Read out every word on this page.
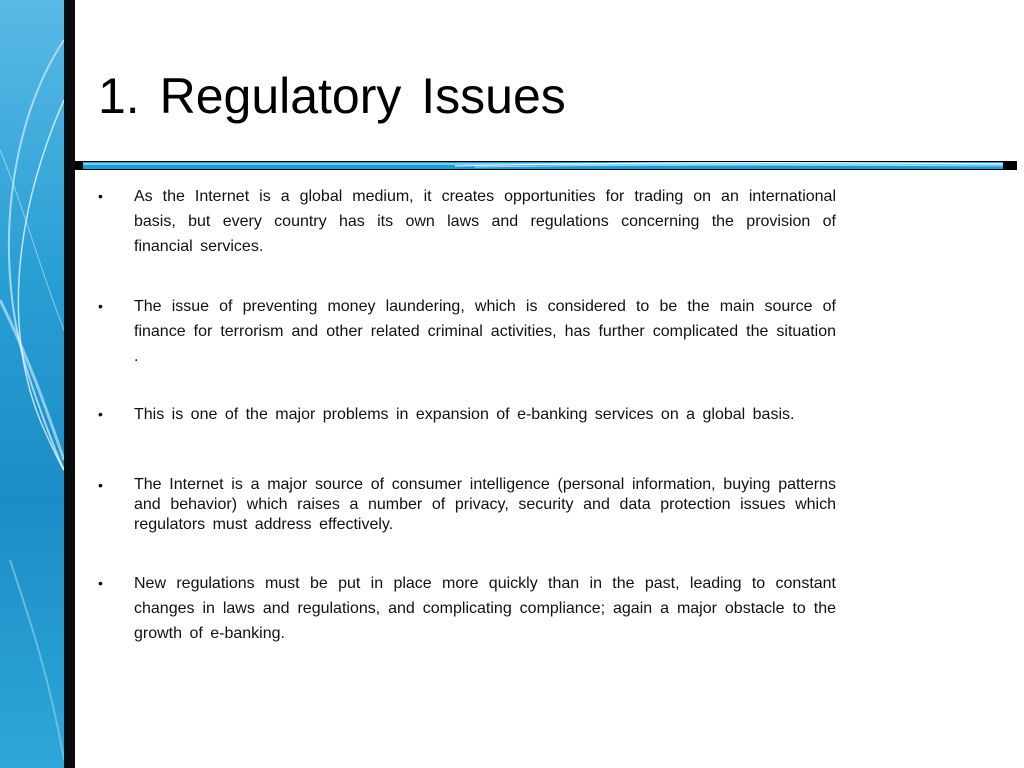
1. Regulatory Issues
• As the Internet is a global medium, it creates opportunities for trading on an international basis, but every country has its own laws and regulations concerning the provision of financial services.
• The issue of preventing money laundering, which is considered to be the main source of finance for terrorism and other related criminal activities, has further complicated the situation .
• This is one of the major problems in expansion of e-banking services on a global basis.
• The Internet is a major source of consumer intelligence (personal information, buying patterns and behavior) which raises a number of privacy, security and data protection issues which regulators must address effectively.
• New regulations must be put in place more quickly than in the past, leading to constant changes in laws and regulations, and complicating compliance; again a major obstacle to the growth of e-banking.
